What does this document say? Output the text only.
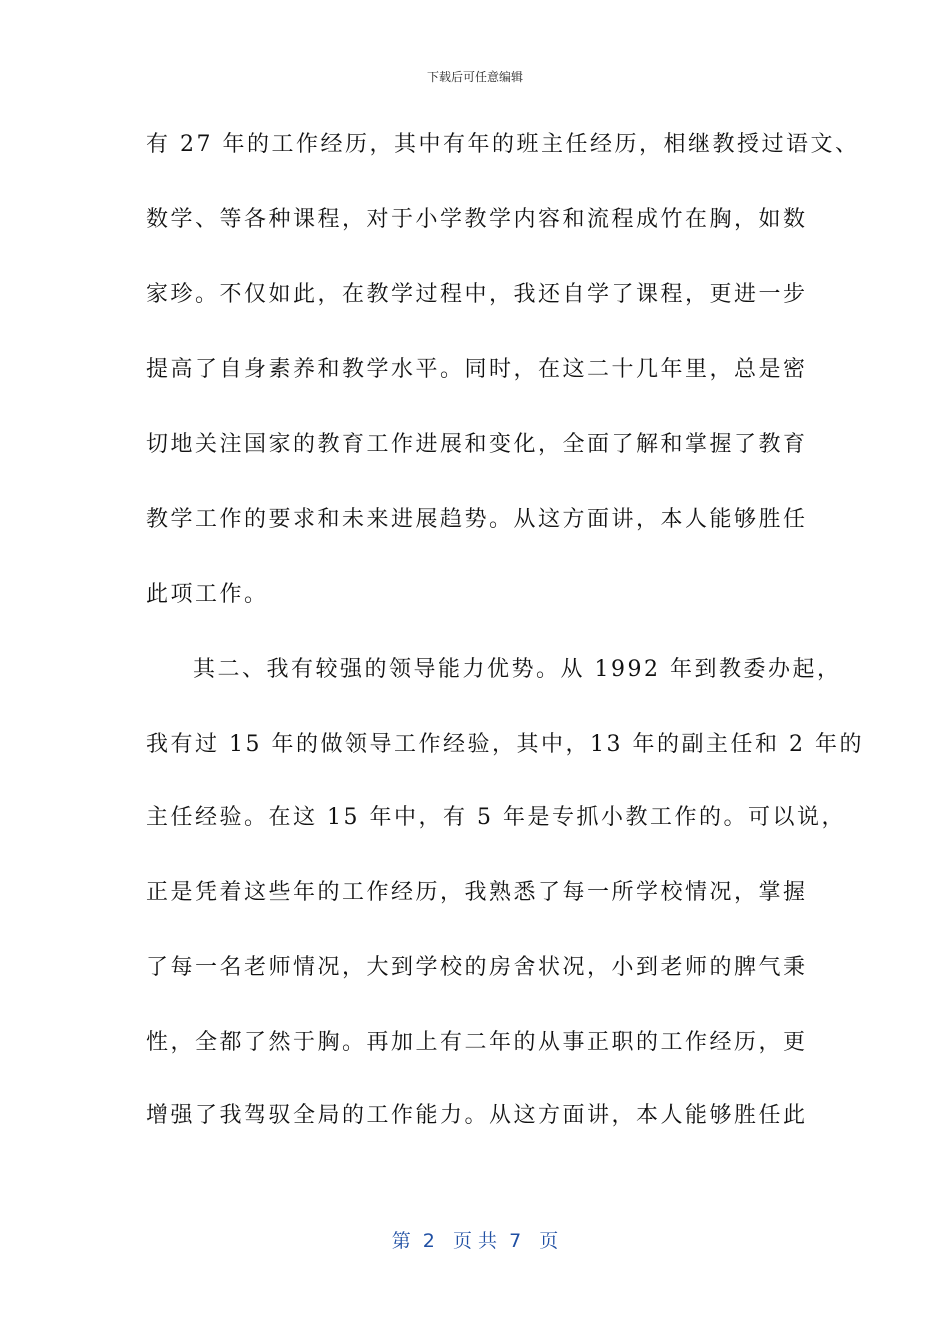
下载后可任意编辑
有 27 年的工作经历，其中有年的班主任经历，相继教授过语文、
数学、等各种课程，对于小学教学内容和流程成竹在胸，如数
家珍。不仅如此，在教学过程中，我还自学了课程，更进一步
提高了自身素养和教学水平。同时，在这二十几年里，总是密
切地关注国家的教育工作进展和变化，全面了解和掌握了教育
教学工作的要求和未来进展趋势。从这方面讲，本人能够胜任
此项工作。
其二、我有较强的领导能力优势。从 1992 年到教委办起，
我有过 15 年的做领导工作经验，其中，13 年的副主任和 2 年的
主任经验。在这 15 年中，有 5 年是专抓小教工作的。可以说，
正是凭着这些年的工作经历，我熟悉了每一所学校情况，掌握
了每一名老师情况，大到学校的房舍状况，小到老师的脾气秉
性，全都了然于胸。再加上有二年的从事正职的工作经历，更
增强了我驾驭全局的工作能力。从这方面讲，本人能够胜任此
第  2   页 共  7   页
